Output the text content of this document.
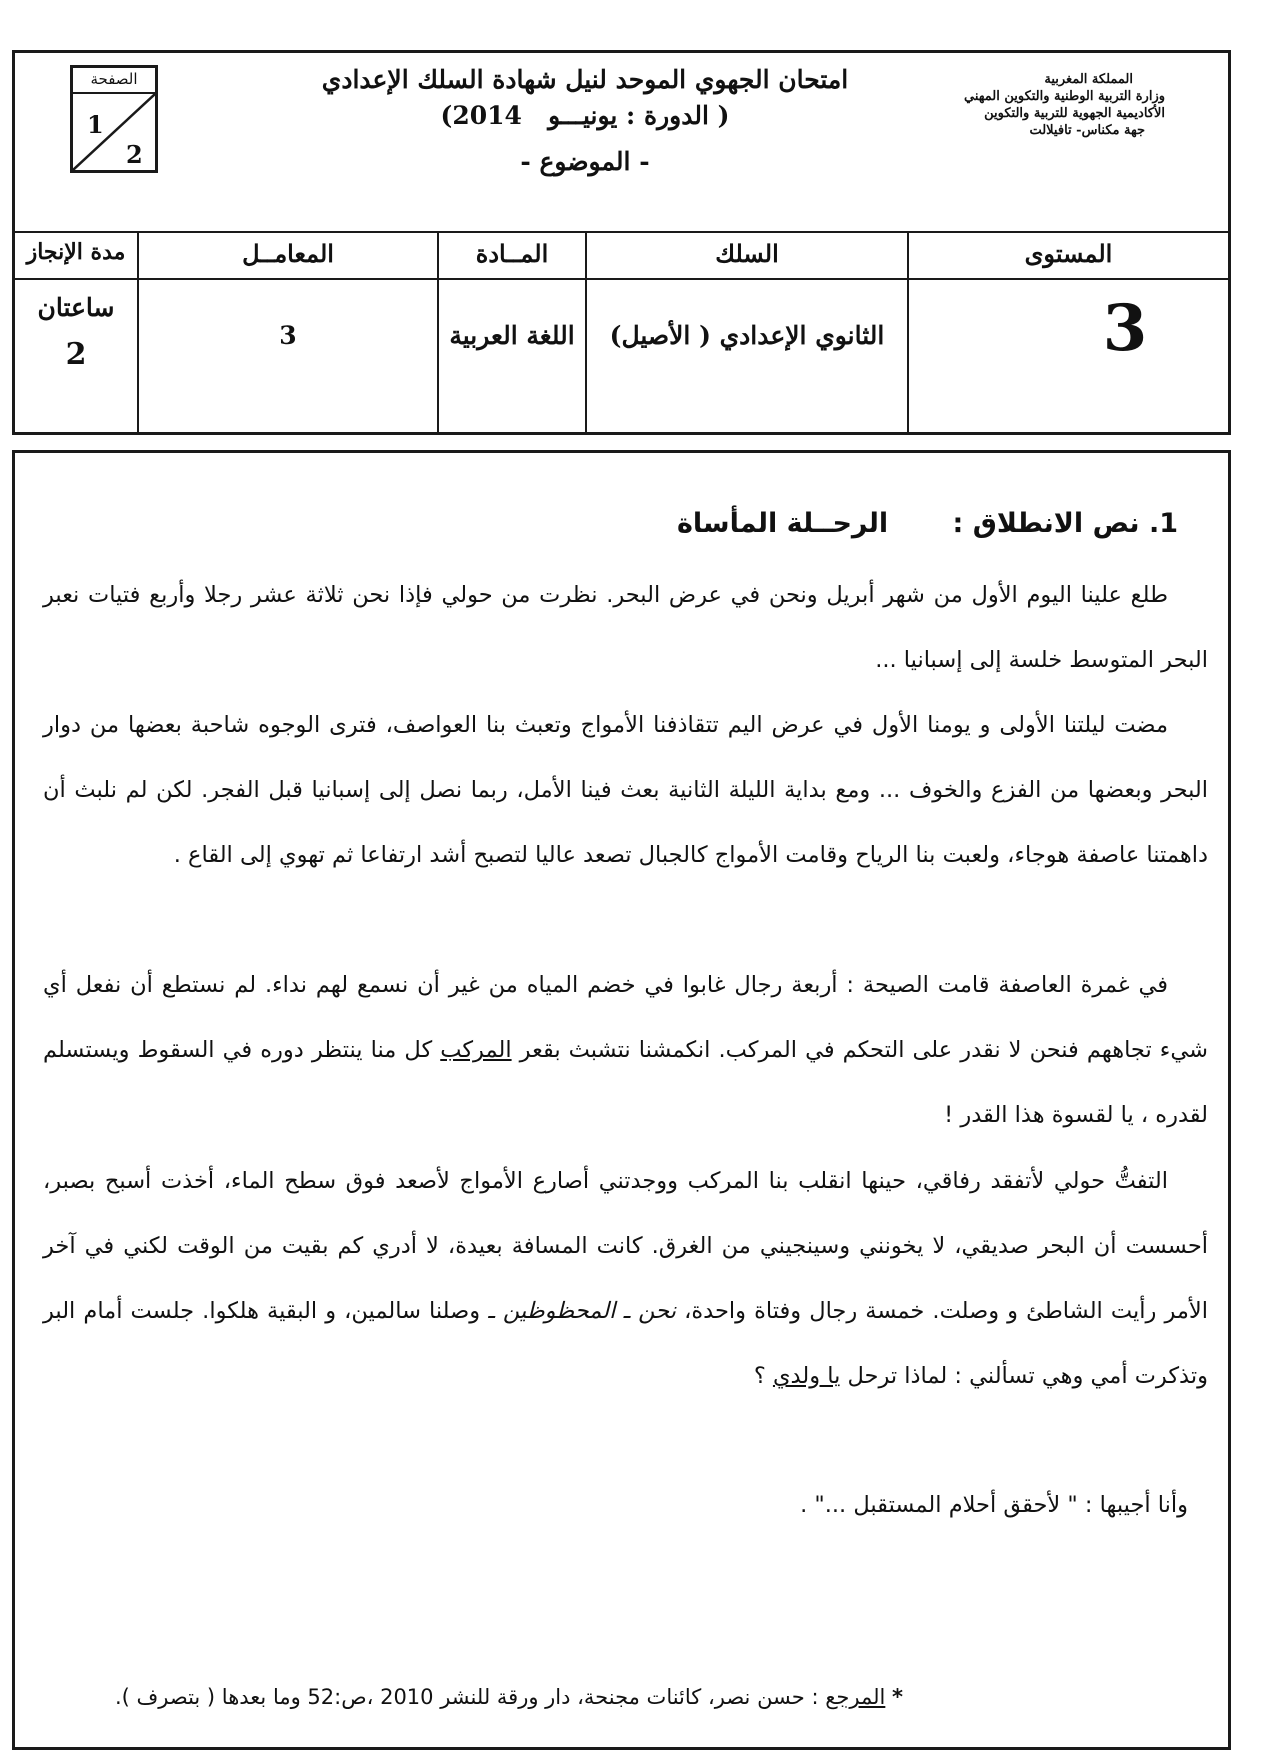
الصفحة
1
2
امتحان الجهوي الموحد لنيل شهادة السلك الإعدادي
( الدورة : يونيـــو   2014)
- الموضوع -
المملكة المغربية
وزارة التربية الوطنية والتكوين المهني
الأكاديمية الجهوية للتربية والتكوين
جهة مكناس- تافيلالت
المستوى
السلك
المــادة
المعامــل
مدة الإنجاز
3
الثانوي الإعدادي ( الأصيل)
اللغة العربية
3
ساعتان
2
1. نص الانطلاق : الرحــلة المأساة
طلع علينا اليوم الأول من شهر أبريل ونحن في عرض البحر. نظرت من حولي فإذا نحن ثلاثة عشر رجلا وأربع فتيات نعبر البحر المتوسط خلسة إلى إسبانيا ...
مضت ليلتنا الأولى و يومنا الأول في عرض اليم تتقاذفنا الأمواج وتعبث بنا العواصف، فترى الوجوه شاحبة بعضها من دوار البحر وبعضها من الفزع والخوف ... ومع بداية الليلة الثانية بعث فينا الأمل، ربما نصل إلى إسبانيا قبل الفجر. لكن لم نلبث أن داهمتنا عاصفة هوجاء، ولعبت بنا الرياح وقامت الأمواج كالجبال تصعد عاليا لتصبح أشد ارتفاعا ثم تهوي إلى القاع .
في غمرة العاصفة قامت الصيحة : أربعة رجال غابوا في خضم المياه من غير أن نسمع لهم نداء. لم نستطع أن نفعل أي شيء تجاههم فنحن لا نقدر على التحكم في المركب. انكمشنا نتشبث بقعر المركب كل منا ينتظر دوره في السقوط ويستسلم لقدره ، يا لقسوة هذا القدر !
التفتُّ حولي لأتفقد رفاقي، حينها انقلب بنا المركب ووجدتني أصارع الأمواج لأصعد فوق سطح الماء، أخذت أسبح بصبر، أحسست أن البحر صديقي، لا يخونني وسينجيني من الغرق. كانت المسافة بعيدة، لا أدري كم بقيت من الوقت لكني في آخر الأمر رأيت الشاطئ و وصلت. خمسة رجال وفتاة واحدة، نحن ـ المحظوظين ـ وصلنا سالمين، و البقية هلكوا. جلست أمام البر وتذكرت أمي وهي تسألني : لماذا ترحل يا ولدي ؟
وأنا أجيبها : " لأحقق أحلام المستقبل ..." .
* المرجع : حسن نصر، كائنات مجنحة، دار ورقة للنشر 2010 ،ص:52 وما بعدها ( بتصرف ).
